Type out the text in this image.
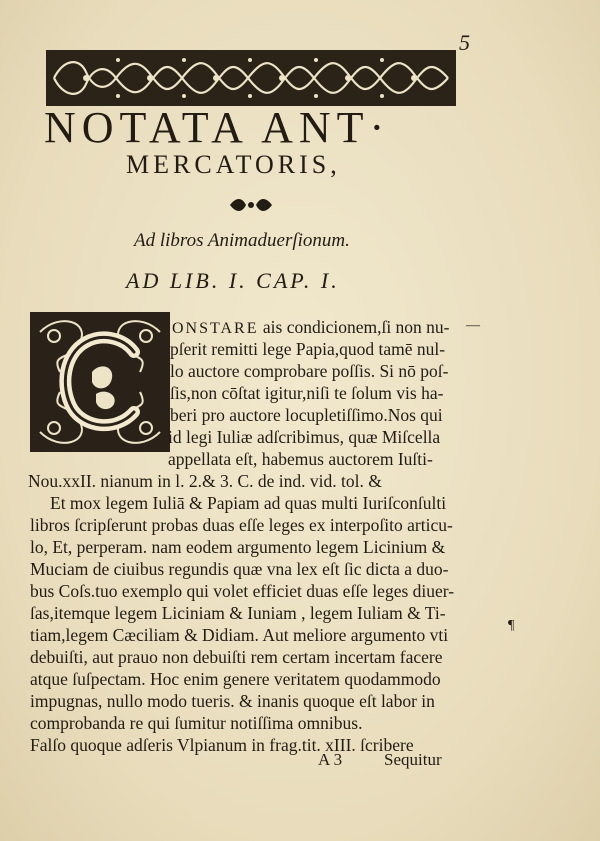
5
NOTATA ANT·
MERCATORIS,
Ad libros Animaduerſionum.
AD LIB. I. CAP. I.
ONSTARE ais condicionem,ſi non nu-
pſerit remitti lege Papia,quod tamē nul-
lo auctore comprobare poſſis. Si nō poſ-
ſis,non cōſtat igitur,niſi te ſolum vis ha-
beri pro auctore locupletiſſimo.Nos qui
id legi Iuliæ adſcribimus, quæ Miſcella
appellata eſt, habemus auctorem Iuſti-
Nou.xxII. nianum in l. 2.& 3. C. de ind. vid. tol. &
Et mox legem Iuliā & Papiam ad quas multi Iuriſconſulti
libros ſcripſerunt probas duas eſſe leges ex interpoſito articu-
lo, Et, perperam. nam eodem argumento legem Licinium &
Muciam de ciuibus regundis quæ vna lex eſt ſic dicta a duo-
bus Coſs.tuo exemplo qui volet efficiet duas eſſe leges diuer-
ſas,itemque legem Liciniam & Iuniam , legem Iuliam & Ti-
tiam,legem Cæciliam & Didiam. Aut meliore argumento vti
debuiſti, aut prauo non debuiſti rem certam incertam facere
atque ſuſpectam. Hoc enim genere veritatem quodammodo
impugnas, nullo modo tueris. & inanis quoque eſt labor in
comprobanda re qui ſumitur notiſſima omnibus.
Falſo quoque adſeris Vlpianum in frag.tit. xIII. ſcribere
A 3 Sequitur
—
¶
